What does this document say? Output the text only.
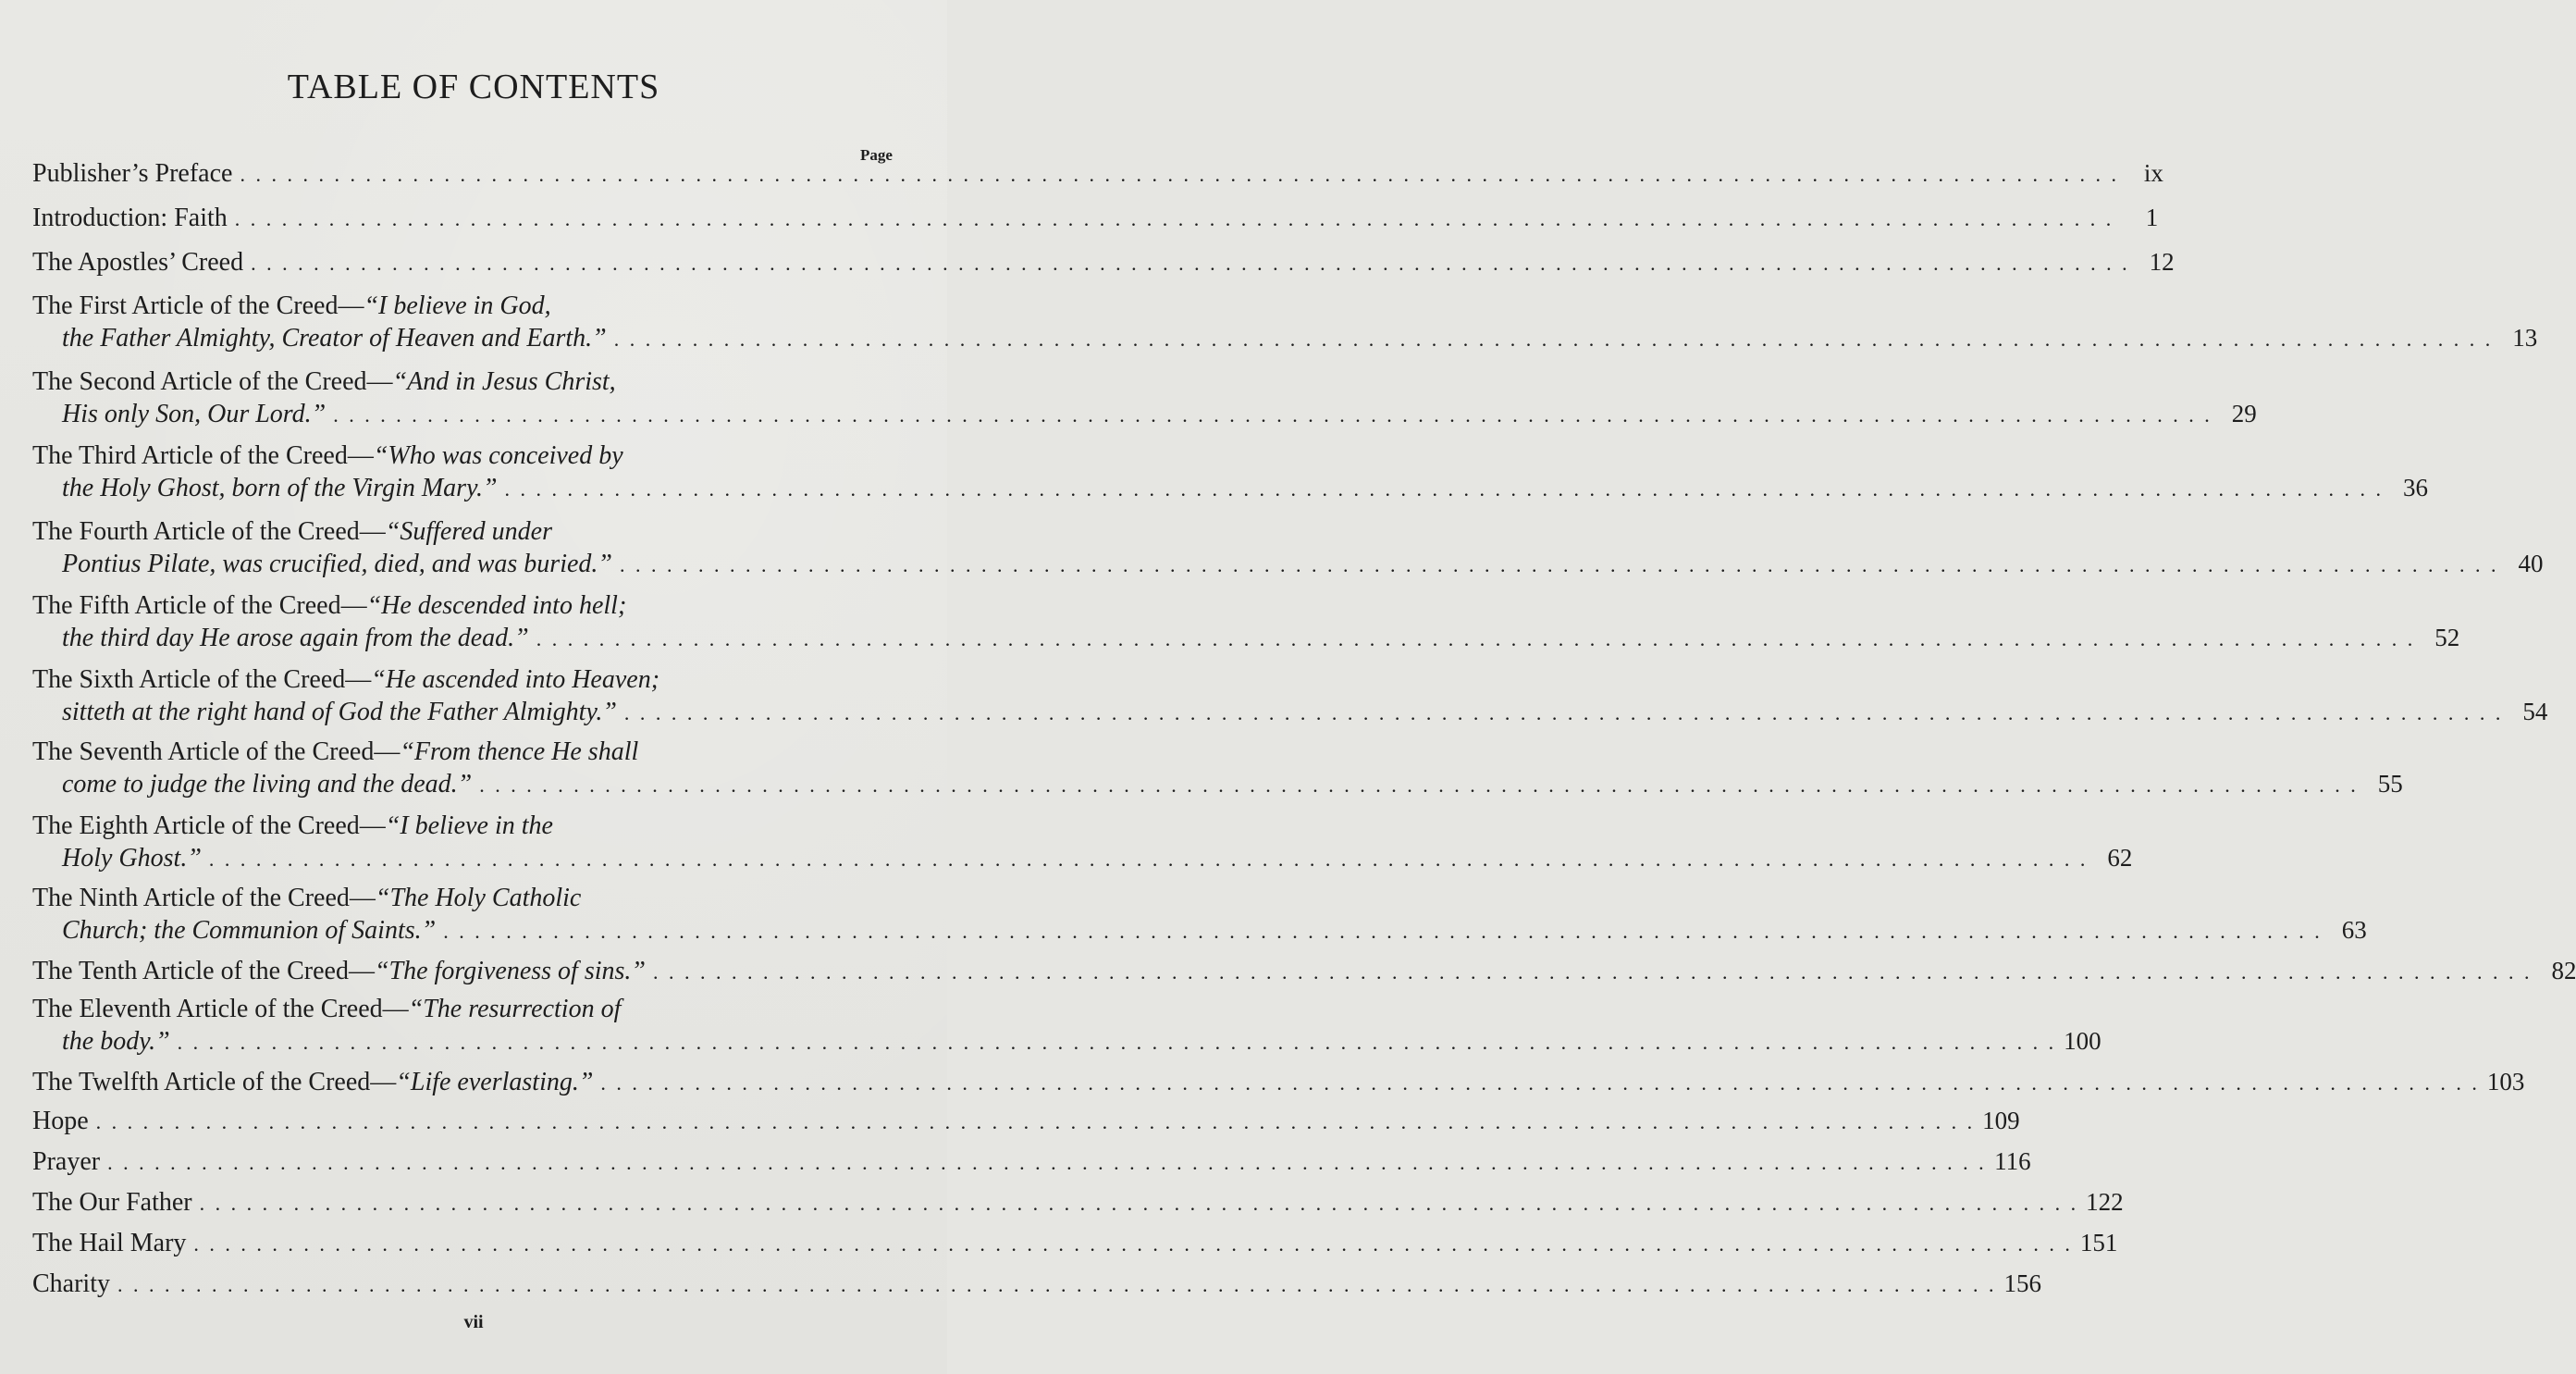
TABLE OF CONTENTS
Page
Publisher’s Preface . . . . . . . . . . . . . . . . . . . . . . . . . . . . . . . . . . . . . . . . . . . . . . . . . . . . . . . . . . . . . . . . . . . . . . . . . . . . . . . . . . . . . . . . . . . . . . . . . . . . . . . . . . . . . . . . . . . . . . . . ix
Introduction: Faith . . . . . . . . . . . . . . . . . . . . . . . . . . . . . . . . . . . . . . . . . . . . . . . . . . . . . . . . . . . . . . . . . . . . . . . . . . . . . . . . . . . . . . . . . . . . . . . . . . . . . . . . . . . . . . . . . . . . . . . .	1
The Apostles’ Creed . . . . . . . . . . . . . . . . . . . . . . . . . . . . . . . . . . . . . . . . . . . . . . . . . . . . . . . . . . . . . . . . . . . . . . . . . . . . . . . . . . . . . . . . . . . . . . . . . . . . . . . . . . . . . . . . . . . . . . . . 12
The First Article of the Creed—“I believe in God,
the Father Almighty, Creator of Heaven and Earth.” . . . . . . . . . . . . . . . . . . . . . . . . . . . . . . . . . . . . . . . . . . . . . . . . . . . . . . . . . . . . . . . . . . . . . . . . . . . . . . . . . . . . . . . . . . . . . . . . . . . . . . . . . . . . . . . . . . . . . . . . 13
The Second Article of the Creed—“And in Jesus Christ,
His only Son, Our Lord.” . . . . . . . . . . . . . . . . . . . . . . . . . . . . . . . . . . . . . . . . . . . . . . . . . . . . . . . . . . . . . . . . . . . . . . . . . . . . . . . . . . . . . . . . . . . . . . . . . . . . . . . . . . . . . . . . . . . . . . . . 29
The Third Article of the Creed—“Who was conceived by
the Holy Ghost, born of the Virgin Mary.” . . . . . . . . . . . . . . . . . . . . . . . . . . . . . . . . . . . . . . . . . . . . . . . . . . . . . . . . . . . . . . . . . . . . . . . . . . . . . . . . . . . . . . . . . . . . . . . . . . . . . . . . . . . . . . . . . . . . . . . . 36
The Fourth Article of the Creed—“Suffered under
Pontius Pilate, was crucified, died, and was buried.” . . . . . . . . . . . . . . . . . . . . . . . . . . . . . . . . . . . . . . . . . . . . . . . . . . . . . . . . . . . . . . . . . . . . . . . . . . . . . . . . . . . . . . . . . . . . . . . . . . . . . . . . . . . . . . . . . . . . . . . . 40
The Fifth Article of the Creed—“He descended into hell;
the third day He arose again from the dead.” . . . . . . . . . . . . . . . . . . . . . . . . . . . . . . . . . . . . . . . . . . . . . . . . . . . . . . . . . . . . . . . . . . . . . . . . . . . . . . . . . . . . . . . . . . . . . . . . . . . . . . . . . . . . . . . . . . . . . . . . 52
The Sixth Article of the Creed—“He ascended into Heaven;
sitteth at the right hand of God the Father Almighty.” . . . . . . . . . . . . . . . . . . . . . . . . . . . . . . . . . . . . . . . . . . . . . . . . . . . . . . . . . . . . . . . . . . . . . . . . . . . . . . . . . . . . . . . . . . . . . . . . . . . . . . . . . . . . . . . . . . . . . . . . 54
The Seventh Article of the Creed—“From thence He shall
come to judge the living and the dead.” . . . . . . . . . . . . . . . . . . . . . . . . . . . . . . . . . . . . . . . . . . . . . . . . . . . . . . . . . . . . . . . . . . . . . . . . . . . . . . . . . . . . . . . . . . . . . . . . . . . . . . . . . . . . . . . . . . . . . . . . 55
The Eighth Article of the Creed—“I believe in the
Holy Ghost.” . . . . . . . . . . . . . . . . . . . . . . . . . . . . . . . . . . . . . . . . . . . . . . . . . . . . . . . . . . . . . . . . . . . . . . . . . . . . . . . . . . . . . . . . . . . . . . . . . . . . . . . . . . . . . . . . . . . . . . . . 62
The Ninth Article of the Creed—“The Holy Catholic
Church; the Communion of Saints.” . . . . . . . . . . . . . . . . . . . . . . . . . . . . . . . . . . . . . . . . . . . . . . . . . . . . . . . . . . . . . . . . . . . . . . . . . . . . . . . . . . . . . . . . . . . . . . . . . . . . . . . . . . . . . . . . . . . . . . . . 63
The Tenth Article of the Creed— “The forgiveness of sins.” . . . . . . . . . . . . . . . . . . . . . . . . . . . . . . . . . . . . . . . . . . . . . . . . . . . . . . . . . . . . . . . . . . . . . . . . . . . . . . . . . . . . . . . . . . . . . . . . . . . . . . . . . . . . . . . . . . . . . . . . 82
The Eleventh Article of the Creed—“The resurrection of
the body.” . . . . . . . . . . . . . . . . . . . . . . . . . . . . . . . . . . . . . . . . . . . . . . . . . . . . . . . . . . . . . . . . . . . . . . . . . . . . . . . . . . . . . . . . . . . . . . . . . . . . . . . . . . . . . . . . . . . . . . . . 100
The Twelfth Article of the Creed— “Life everlasting.” . . . . . . . . . . . . . . . . . . . . . . . . . . . . . . . . . . . . . . . . . . . . . . . . . . . . . . . . . . . . . . . . . . . . . . . . . . . . . . . . . . . . . . . . . . . . . . . . . . . . . . . . . . . . . . . . . . . . . . . . 103
Hope . . . . . . . . . . . . . . . . . . . . . . . . . . . . . . . . . . . . . . . . . . . . . . . . . . . . . . . . . . . . . . . . . . . . . . . . . . . . . . . . . . . . . . . . . . . . . . . . . . . . . . . . . . . . . . . . . . . . . . . . 109
Prayer . . . . . . . . . . . . . . . . . . . . . . . . . . . . . . . . . . . . . . . . . . . . . . . . . . . . . . . . . . . . . . . . . . . . . . . . . . . . . . . . . . . . . . . . . . . . . . . . . . . . . . . . . . . . . . . . . . . . . . . . 116
The Our Father . . . . . . . . . . . . . . . . . . . . . . . . . . . . . . . . . . . . . . . . . . . . . . . . . . . . . . . . . . . . . . . . . . . . . . . . . . . . . . . . . . . . . . . . . . . . . . . . . . . . . . . . . . . . . . . . . . . . . . . . 122
The Hail Mary . . . . . . . . . . . . . . . . . . . . . . . . . . . . . . . . . . . . . . . . . . . . . . . . . . . . . . . . . . . . . . . . . . . . . . . . . . . . . . . . . . . . . . . . . . . . . . . . . . . . . . . . . . . . . . . . . . . . . . . . 151
Charity . . . . . . . . . . . . . . . . . . . . . . . . . . . . . . . . . . . . . . . . . . . . . . . . . . . . . . . . . . . . . . . . . . . . . . . . . . . . . . . . . . . . . . . . . . . . . . . . . . . . . . . . . . . . . . . . . . . . . . . . 156
vii
